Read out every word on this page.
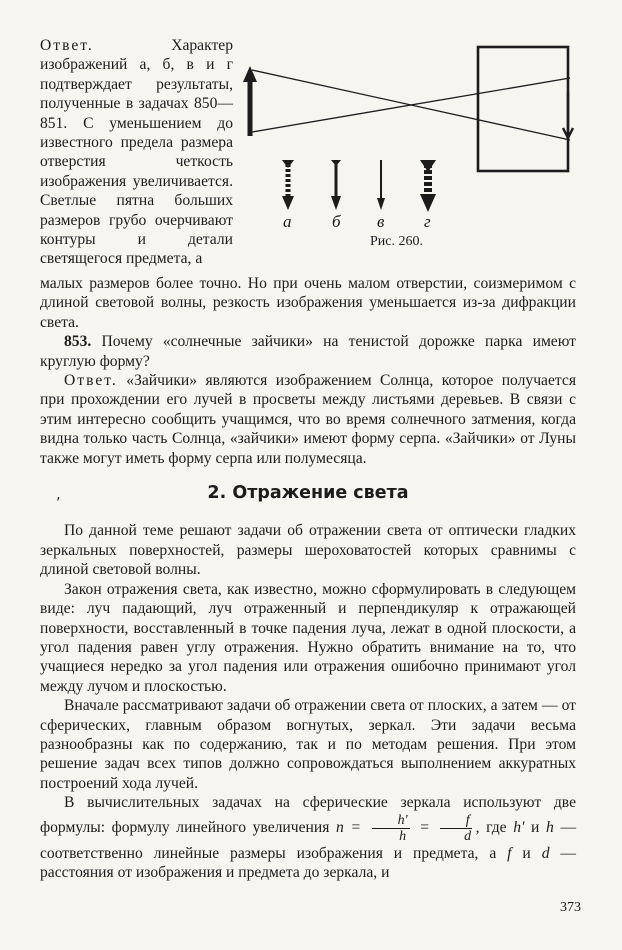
Ответ.	Характер изображений а, б, в и г подтверждает результаты, полученные в задачах 850—851. С уменьшением до известного предела размера отверстия четкость изображения увеличивается. Светлые пятна больших размеров грубо очерчивают контуры и детали светящегося предмета, а
а б в г
Рис. 260.
малых размеров более точно. Но при очень малом отверстии, соизмеримом с длиной световой волны, резкость изображения уменьшается из-за дифракции света.
853. Почему «солнечные зайчики» на тенистой дорожке парка имеют круглую форму?
Ответ. «Зайчики» являются изображением Солнца, которое получается при прохождении его лучей в просветы между листьями деревьев. В связи с этим интересно сообщить учащимся, что во время солнечного затмения, когда видна только часть Солнца, «зайчики» имеют форму серпа. «Зайчики» от Луны также могут иметь форму серпа или полумесяца.
‚	2. Отражение света
По данной теме решают задачи об отражении света от оптически гладких зеркальных поверхностей, размеры шероховатостей которых сравнимы с длиной световой волны.
Закон отражения света, как известно, можно сформулировать в следующем виде: луч падающий, луч отраженный и перпендикуляр к отражающей поверхности, восставленный в точке падения луча, лежат в одной плоскости, а угол падения равен углу отражения. Нужно обратить внимание на то, что учащиеся нередко за угол падения или отражения ошибочно принимают угол между лучом и плоскостью.
Вначале рассматривают задачи об отражении света от плоских, а затем — от сферических, главным образом вогнутых, зеркал. Эти задачи весьма разнообразны как по содержанию, так и по методам решения. При этом решение задач всех типов должно сопровождаться выполнением аккуратных построений хода лучей.
В вычислительных задачах на сферические зеркала используют две формулы: формулу линейного увеличения $n = \frac{h'}{h} = \frac{f}{d}$ , где h' и h — соответственно линейные размеры изображения и предмета, а f и d — расстояния от изображения и предмета до зеркала, и
373
